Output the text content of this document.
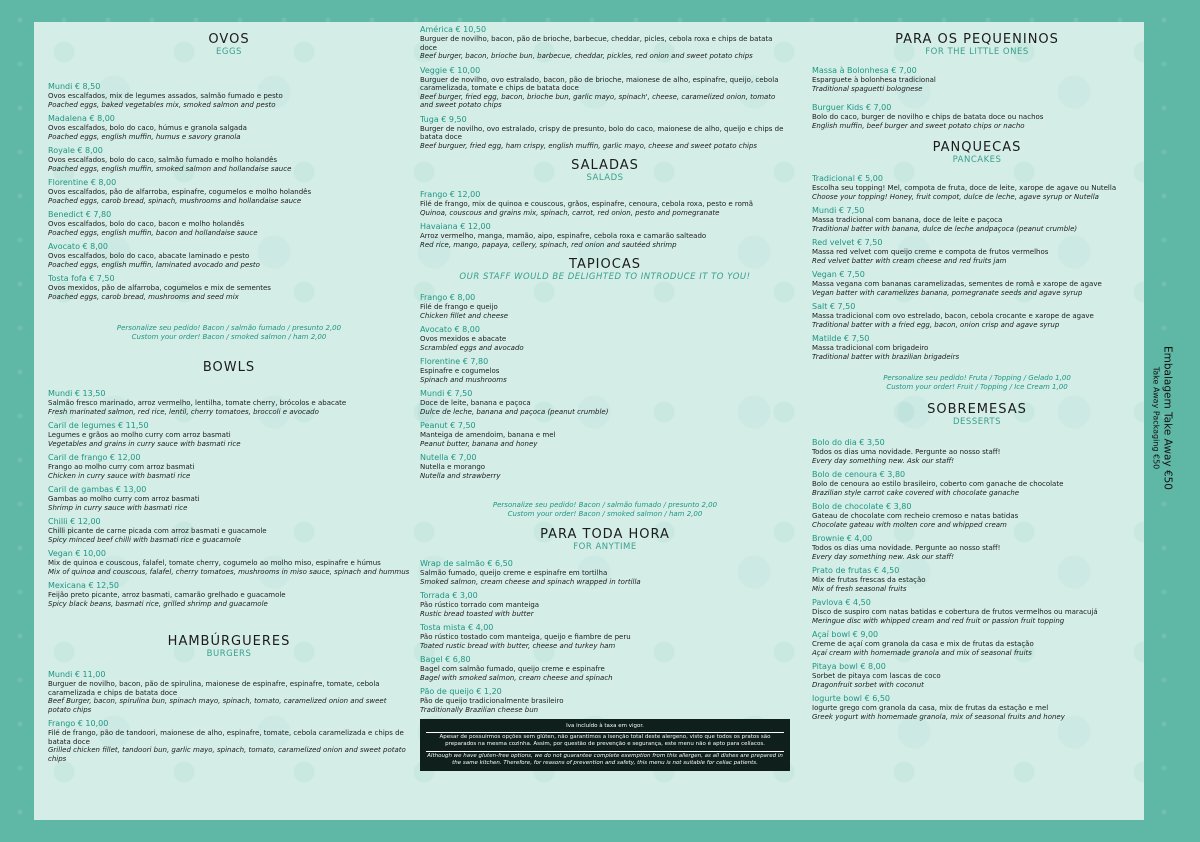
OVOS

EGGS

Mundi € 8,50
Ovos escalfados, mix de legumes assados, salmão fumado e pesto
Poached eggs, baked vegetables mix, smoked salmon and pesto
Madalena € 8,00
Ovos escalfados, bolo do caco, húmus e granola salgada
Poached eggs, english muffin, humus e savory granola
Royale € 8,00
Ovos escalfados, bolo do caco, salmão fumado e molho holandês
Poached eggs, english muffin, smoked salmon and hollandaise sauce
Florentine € 8,00
Ovos escalfados, pão de alfarroba, espinafre, cogumelos e molho holandês
Poached eggs, carob bread, spinach, mushrooms and hollandaise sauce
Benedict € 7,80
Ovos escalfados, bolo do caco, bacon e molho holandês
Poached eggs, english muffin, bacon and hollandaise sauce
Avocato € 8,00
Ovos escalfados, bolo do caco, abacate laminado e pesto
Poached eggs, english muffin, laminated avocado and pesto
Tosta fofa € 7,50
Ovos mexidos, pão de alfarroba, cogumelos e mix de sementes
Poached eggs, carob bread, mushrooms and seed mix
Personalize seu pedido! Bacon / salmão fumado / presunto 2,00
Custom your order! Bacon / smoked salmon / ham 2,00

BOWLS

Mundi € 13,50
Salmão fresco marinado, arroz vermelho, lentilha, tomate cherry, brócolos e abacate
Fresh marinated salmon, red rice, lentil, cherry tomatoes, broccoli e avocado
Caril de legumes € 11,50
Legumes e grãos ao molho curry com arroz basmati
Vegetables and grains in curry sauce with basmati rice
Caril de frango € 12,00
Frango ao molho curry com arroz basmati
Chicken in curry sauce with basmati rice
Caril de gambas € 13,00
Gambas ao molho curry com arroz basmati
Shrimp in curry sauce with basmati rice
Chilli € 12,00
Chilli picante de carne picada com arroz basmati e guacamole
Spicy minced beef chilli with basmati rice e guacamole
Vegan € 10,00
Mix de quinoa e couscous, falafel, tomate cherry, cogumelo ao molho miso, espinafre e húmus
Mix of quinoa and couscous, falafel, cherry tomatoes, mushrooms in miso sauce, spinach and hummus
Mexicana € 12,50
Feijão preto picante, arroz basmati, camarão grelhado e guacamole
Spicy black beans, basmati rice, grilled shrimp and guacamole

HAMBÚRGUERES

BURGERS

Mundi € 11,00
Burguer de novilho, bacon, pão de spirulina, maionese de espinafre, espinafre, tomate, cebola caramelizada e chips de batata doce
Beef Burger, bacon, spirulina bun, spinach mayo, spinach, tomato, caramelized onion and sweet potato chips
Frango € 10,00
Filé de frango, pão de tandoori, maionese de alho, espinafre, tomate, cebola caramelizada e chips de batata doce
Grilled chicken fillet, tandoori bun, garlic mayo, spinach, tomato, caramelized onion and sweet potato chips
América € 10,50
Burguer de novilho, bacon, pão de brioche, barbecue, cheddar, picles, cebola roxa e chips de batata doce
Beef burger, bacon, brioche bun, barbecue, cheddar, pickles, red onion and sweet potato chips
Veggie € 10,00
Burguer de novilho, ovo estralado, bacon, pão de brioche, maionese de alho, espinafre, queijo, cebola caramelizada, tomate e chips de batata doce
Beef burger, fried egg, bacon, brioche bun, garlic mayo, spinach', cheese, caramelized onion, tomato and sweet potato chips
Tuga € 9,50
Burger de novilho, ovo estralado, crispy de presunto, bolo do caco, maionese de alho, queijo e chips de batata doce
Beef burguer, fried egg, ham crispy, english muffin, garlic mayo, cheese and sweet potato chips

SALADAS

SALADS

Frango € 12,00
Filé de frango, mix de quinoa e couscous, grãos, espinafre, cenoura, cebola roxa, pesto e romã
Quinoa, couscous and grains mix, spinach, carrot, red onion, pesto and pomegranate
Havaiana € 12,00
Arroz vermelho, manga, mamão, aipo, espinafre, cebola roxa e camarão salteado
Red rice, mango, papaya, cellery, spinach, red onion and sautéed shrimp

TAPIOCAS

OUR STAFF WOULD BE DELIGHTED TO INTRODUCE IT TO YOU!

Frango € 8,00
Filé de frango e queijo
Chicken fillet and cheese
Avocato € 8,00
Ovos mexidos e abacate
Scrambled eggs and avocado
Florentine € 7,80
Espinafre e cogumelos
Spinach and mushrooms
Mundi € 7,50
Doce de leite, banana e paçoca
Dulce de leche, banana and paçoca (peanut crumble)
Peanut € 7,50
Manteiga de amendoim, banana e mel
Peanut butter, banana and honey
Nutella € 7,00
Nutella e morango
Nutella and strawberry
Personalize seu pedido! Bacon / salmão fumado / presunto 2,00
Custom your order! Bacon / smoked salmon / ham 2,00

PARA TODA HORA

FOR ANYTIME

Wrap de salmão € 6,50
Salmão fumado, queijo creme e espinafre em tortilha
Smoked salmon, cream cheese and spinach wrapped in tortilla
Torrada € 3,00
Pão rústico torrado com manteiga
Rustic bread toasted with butter
Tosta mista € 4,00
Pão rústico tostado com manteiga, queijo e fiambre de peru
Toated rustic bread with butter, cheese and turkey ham
Bagel € 6,80
Bagel com salmão fumado, queijo creme e espinafre
Bagel with smoked salmon, cream cheese and spinach
Pão de queijo € 1,20
Pão de queijo tradicionalmente brasileiro
Traditionally Brazilian cheese bun
Iva incluído à taxa em vigor.
Apesar de possuirmos opções sem glúten, não garantimos a isenção total deste alergeno, visto que todos os pratos são preparados na mesma cozinha. Assim, por questão de prevenção e segurança, este menu não é apto para celíacos.
Although we have gluten-free options, we do not guarantee complete exemption from this allergen, as all dishes are prepared in the same kitchen. Therefore, for reasons of prevention and safety, this menu is not suitable for celiac patients.

PARA OS PEQUENINOS

FOR THE LITTLE ONES

Massa à Bolonhesa € 7,00
Esparguete à bolonhesa tradicional
Traditional spaguetti bolognese
Burguer Kids € 7,00
Bolo do caco, burger de novilho e chips de batata doce ou nachos
English muffin, beef burger and sweet potato chips or nacho

PANQUECAS

PANCAKES

Tradicional € 5,00
Escolha seu topping! Mel, compota de fruta, doce de leite, xarope de agave ou Nutella
Choose your topping! Honey, fruit compot, dulce de leche, agave syrup or Nutella
Mundi € 7,50
Massa tradicional com banana, doce de leite e paçoca
Traditional batter with banana, dulce de leche andpaçoca (peanut crumble)
Red velvet € 7,50
Massa red velvet com queijo creme e compota de frutos vermelhos
Red velvet batter with cream cheese and red fruits jam
Vegan € 7,50
Massa vegana com bananas caramelizadas, sementes de romã e xarope de agave
Vegan batter with caramelizes banana, pomegranate seeds and agave syrup
Salt € 7,50
Massa tradicional com ovo estrelado, bacon, cebola crocante e xarope de agave
Traditional batter with a fried egg, bacon, onion crisp and agave syrup
Matilde € 7,50
Massa tradicional com brigadeiro
Traditional batter with brazilian brigadeirs
Personalize seu pedido! Fruta / Topping / Gelado 1,00
Custom your order! Fruit / Topping / Ice Cream 1,00

SOBREMESAS

DESSERTS

Bolo do dia € 3,50
Todos os dias uma novidade. Pergunte ao nosso staff!
Every day something new. Ask our staff!
Bolo de cenoura € 3,80
Bolo de cenoura ao estilo brasileiro, coberto com ganache de chocolate
Brazilian style carrot cake covered with chocolate ganache
Bolo de chocolate € 3,80
Gateau de chocolate com recheio cremoso e natas batidas
Chocolate gateau with molten core and whipped cream
Brownie € 4,00
Todos os dias uma novidade. Pergunte ao nosso staff!
Every day something new. Ask our staff!
Prato de frutas € 4,50
Mix de frutas frescas da estação
Mix of fresh seasonal fruits
Pavlova € 4,50
Disco de suspiro com natas batidas e cobertura de frutos vermelhos ou maracujá
Meringue disc with whipped cream and red fruit or passion fruit topping
Açaí bowl € 9,00
Creme de açaí com granola da casa e mix de frutas da estação
Açaí cream with homemade granola and mix of seasonal fruits
Pitaya bowl € 8,00
Sorbet de pitaya com lascas de coco
Dragonfruit sorbet with coconut
Iogurte bowl € 6,50
Iogurte grego com granola da casa, mix de frutas da estação e mel
Greek yogurt with homemade granola, mix of seasonal fruits and honey
Embalagem Take Away €50
Take Away Packaging €50
